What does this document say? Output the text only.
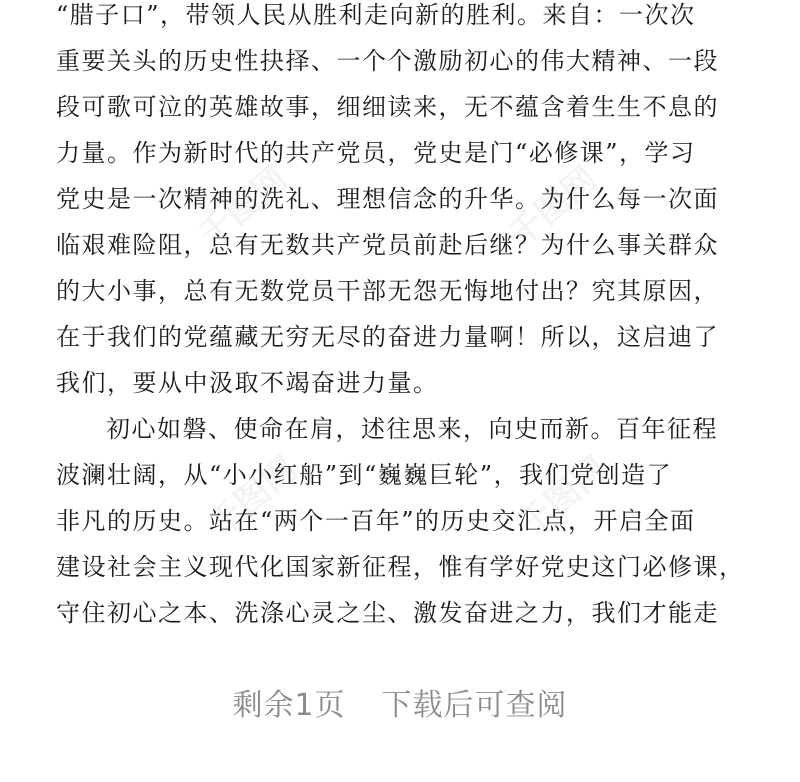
千图网	千图网
千图网	千图网
“腊子口”，带领人民从胜利走向新的胜利。来自：一次次
重要关头的历史性抉择、一个个激励初心的伟大精神、一段
段可歌可泣的英雄故事，细细读来，无不蕴含着生生不息的
力量。作为新时代的共产党员，党史是门“必修课”，学习
党史是一次精神的洗礼、理想信念的升华。为什么每一次面
临艰难险阻，总有无数共产党员前赴后继？为什么事关群众
的大小事，总有无数党员干部无怨无悔地付出？究其原因，
在于我们的党蕴藏无穷无尽的奋进力量啊！所以，这启迪了
我们，要从中汲取不竭奋进力量。
初心如磐、使命在肩，述往思来，向史而新。百年征程
波澜壮阔，从“小小红船”到“巍巍巨轮”，我们党创造了
非凡的历史。站在“两个一百年”的历史交汇点，开启全面
建设社会主义现代化国家新征程，惟有学好党史这门必修课，
守住初心之本、洗涤心灵之尘、激发奋进之力，我们才能走
剩余1页 下载后可查阅
